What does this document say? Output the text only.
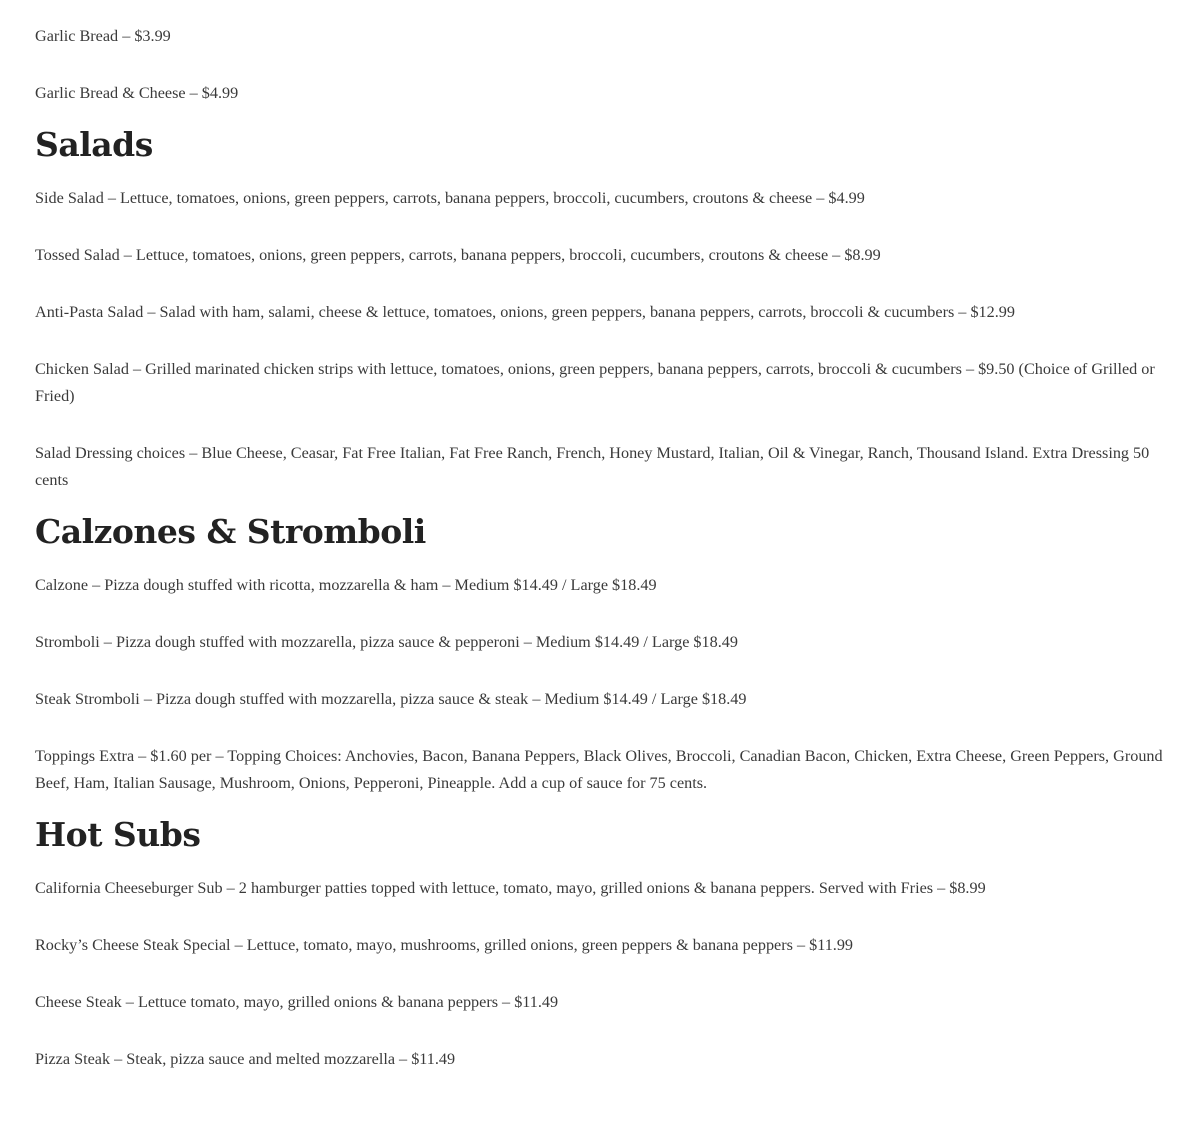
Garlic Bread – $3.99

Garlic Bread & Cheese – $4.99

Salads

Side Salad – Lettuce, tomatoes, onions, green peppers, carrots, banana peppers, broccoli, cucumbers, croutons & cheese – $4.99

Tossed Salad – Lettuce, tomatoes, onions, green peppers, carrots, banana peppers, broccoli, cucumbers, croutons & cheese – $8.99

Anti-Pasta Salad – Salad with ham, salami, cheese & lettuce, tomatoes, onions, green peppers, banana peppers, carrots, broccoli & cucumbers – $12.99

Chicken Salad – Grilled marinated chicken strips with lettuce, tomatoes, onions, green peppers, banana peppers, carrots, broccoli & cucumbers – $9.50 (Choice of Grilled or Fried)

Salad Dressing choices – Blue Cheese, Ceasar, Fat Free Italian, Fat Free Ranch, French, Honey Mustard, Italian, Oil & Vinegar, Ranch, Thousand Island. Extra Dressing 50 cents

Calzones & Stromboli

Calzone – Pizza dough stuffed with ricotta, mozzarella & ham – Medium $14.49 / Large $18.49

Stromboli – Pizza dough stuffed with mozzarella, pizza sauce & pepperoni – Medium $14.49 / Large $18.49

Steak Stromboli – Pizza dough stuffed with mozzarella, pizza sauce & steak – Medium $14.49 / Large $18.49

Toppings Extra – $1.60 per – Topping Choices: Anchovies, Bacon, Banana Peppers, Black Olives, Broccoli, Canadian Bacon, Chicken, Extra Cheese, Green Peppers, Ground Beef, Ham, Italian Sausage, Mushroom, Onions, Pepperoni, Pineapple. Add a cup of sauce for 75 cents.

Hot Subs

California Cheeseburger Sub – 2 hamburger patties topped with lettuce, tomato, mayo, grilled onions & banana peppers. Served with Fries – $8.99

Rocky’s Cheese Steak Special – Lettuce, tomato, mayo, mushrooms, grilled onions, green peppers & banana peppers – $11.99

Cheese Steak – Lettuce tomato, mayo, grilled onions & banana peppers – $11.49

Pizza Steak – Steak, pizza sauce and melted mozzarella – $11.49
